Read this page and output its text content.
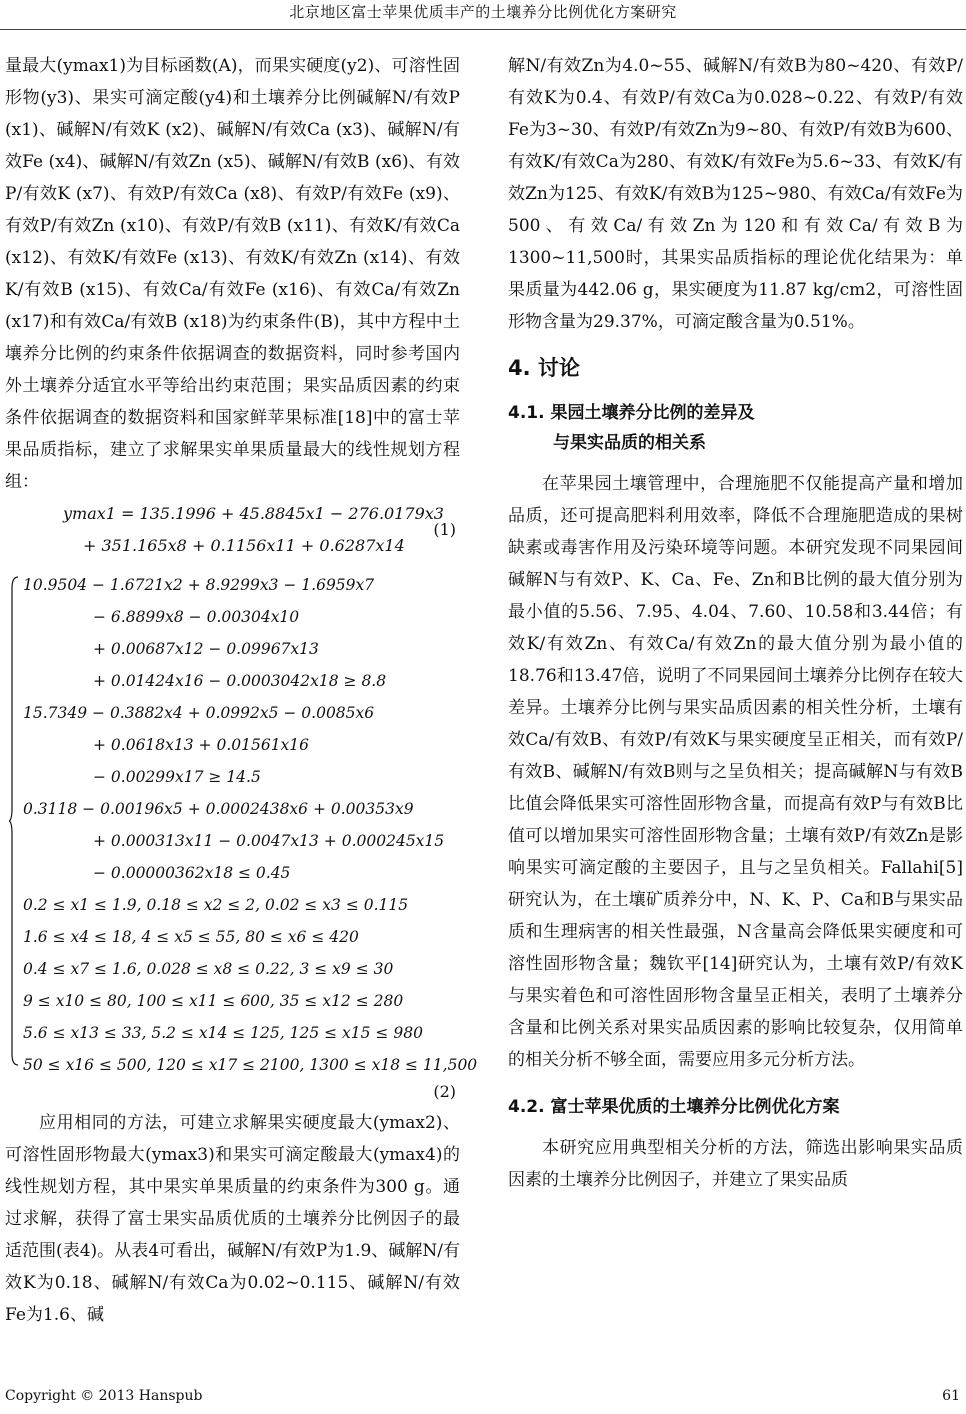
北京地区富士苹果优质丰产的土壤养分比例优化方案研究

量最大(ymax1)为目标函数(A)，而果实硬度(y2)、可溶性固形物(y3)、果实可滴定酸(y4)和土壤养分比例碱解N/有效P (x1)、碱解N/有效K (x2)、碱解N/有效Ca (x3)、碱解N/有效Fe (x4)、碱解N/有效Zn (x5)、碱解N/有效B (x6)、有效P/有效K (x7)、有效P/有效Ca (x8)、有效P/有效Fe (x9)、有效P/有效Zn (x10)、有效P/有效B (x11)、有效K/有效Ca (x12)、有效K/有效Fe (x13)、有效K/有效Zn (x14)、有效K/有效B (x15)、有效Ca/有效Fe (x16)、有效Ca/有效Zn (x17)和有效Ca/有效B (x18)为约束条件(B)，其中方程中土壤养分比例的约束条件依据调查的数据资料，同时参考国内外土壤养分适宜水平等给出约束范围；果实品质因素的约束条件依据调查的数据资料和国家鲜苹果标准[18]中的富士苹果品质指标，建立了求解果实单果质量最大的线性规划方程组：

ymax1 = 135.1996 + 45.8845x1 − 276.0179x3
+ 351.165x8 + 0.1156x11 + 0.6287x14
(1)
10.9504 − 1.6721x2 + 8.9299x3 − 1.6959x7
− 6.8899x8 − 0.00304x10
+ 0.00687x12 − 0.09967x13
+ 0.01424x16 − 0.0003042x18 ≥ 8.8
15.7349 − 0.3882x4 + 0.0992x5 − 0.0085x6
+ 0.0618x13 + 0.01561x16
− 0.00299x17 ≥ 14.5
0.3118 − 0.00196x5 + 0.0002438x6 + 0.00353x9
+ 0.000313x11 − 0.0047x13 + 0.000245x15
− 0.00000362x18 ≤ 0.45
0.2 ≤ x1 ≤ 1.9, 0.18 ≤ x2 ≤ 2, 0.02 ≤ x3 ≤ 0.115
1.6 ≤ x4 ≤ 18, 4 ≤ x5 ≤ 55, 80 ≤ x6 ≤ 420
0.4 ≤ x7 ≤ 1.6, 0.028 ≤ x8 ≤ 0.22, 3 ≤ x9 ≤ 30
9 ≤ x10 ≤ 80, 100 ≤ x11 ≤ 600, 35 ≤ x12 ≤ 280
5.6 ≤ x13 ≤ 33, 5.2 ≤ x14 ≤ 125, 125 ≤ x15 ≤ 980
50 ≤ x16 ≤ 500, 120 ≤ x17 ≤ 2100, 1300 ≤ x18 ≤ 11,500
(2)

应用相同的方法，可建立求解果实硬度最大(ymax2)、可溶性固形物最大(ymax3)和果实可滴定酸最大(ymax4)的线性规划方程，其中果实单果质量的约束条件为300 g。通过求解，获得了富士果实品质优质的土壤养分比例因子的最适范围(表4)。从表4可看出，碱解N/有效P为1.9、碱解N/有效K为0.18、碱解N/有效Ca为0.02~0.115、碱解N/有效Fe为1.6、碱

解N/有效Zn为4.0~55、碱解N/有效B为80~420、有效P/有效K为0.4、有效P/有效Ca为0.028~0.22、有效P/有效Fe为3~30、有效P/有效Zn为9~80、有效P/有效B为600、有效K/有效Ca为280、有效K/有效Fe为5.6~33、有效K/有效Zn为125、有效K/有效B为125~980、有效Ca/有效Fe为500、有效Ca/有效Zn为120和有效Ca/有效B为1300~11,500时，其果实品质指标的理论优化结果为：单果质量为442.06 g，果实硬度为11.87 kg/cm2，可溶性固形物含量为29.37%，可滴定酸含量为0.51%。

4. 讨论
4.1. 果园土壤养分比例的差异及
与果实品质的相关系

在苹果园土壤管理中，合理施肥不仅能提高产量和增加品质，还可提高肥料利用效率，降低不合理施肥造成的果树缺素或毒害作用及污染环境等问题。本研究发现不同果园间碱解N与有效P、K、Ca、Fe、Zn和B比例的最大值分别为最小值的5.56、7.95、4.04、7.60、10.58和3.44倍；有效K/有效Zn、有效Ca/有效Zn的最大值分别为最小值的18.76和13.47倍，说明了不同果园间土壤养分比例存在较大差异。土壤养分比例与果实品质因素的相关性分析，土壤有效Ca/有效B、有效P/有效K与果实硬度呈正相关，而有效P/有效B、碱解N/有效B则与之呈负相关；提高碱解N与有效B比值会降低果实可溶性固形物含量，而提高有效P与有效B比值可以增加果实可溶性固形物含量；土壤有效P/有效Zn是影响果实可滴定酸的主要因子，且与之呈负相关。Fallahi[5]研究认为，在土壤矿质养分中，N、K、P、Ca和B与果实品质和生理病害的相关性最强，N含量高会降低果实硬度和可溶性固形物含量；魏钦平[14]研究认为，土壤有效P/有效K与果实着色和可溶性固形物含量呈正相关，表明了土壤养分含量和比例关系对果实品质因素的影响比较复杂，仅用简单的相关分析不够全面，需要应用多元分析方法。

4.2. 富士苹果优质的土壤养分比例优化方案

本研究应用典型相关分析的方法，筛选出影响果实品质因素的土壤养分比例因子，并建立了果实品质

Copyright © 2013 Hanspub	61
